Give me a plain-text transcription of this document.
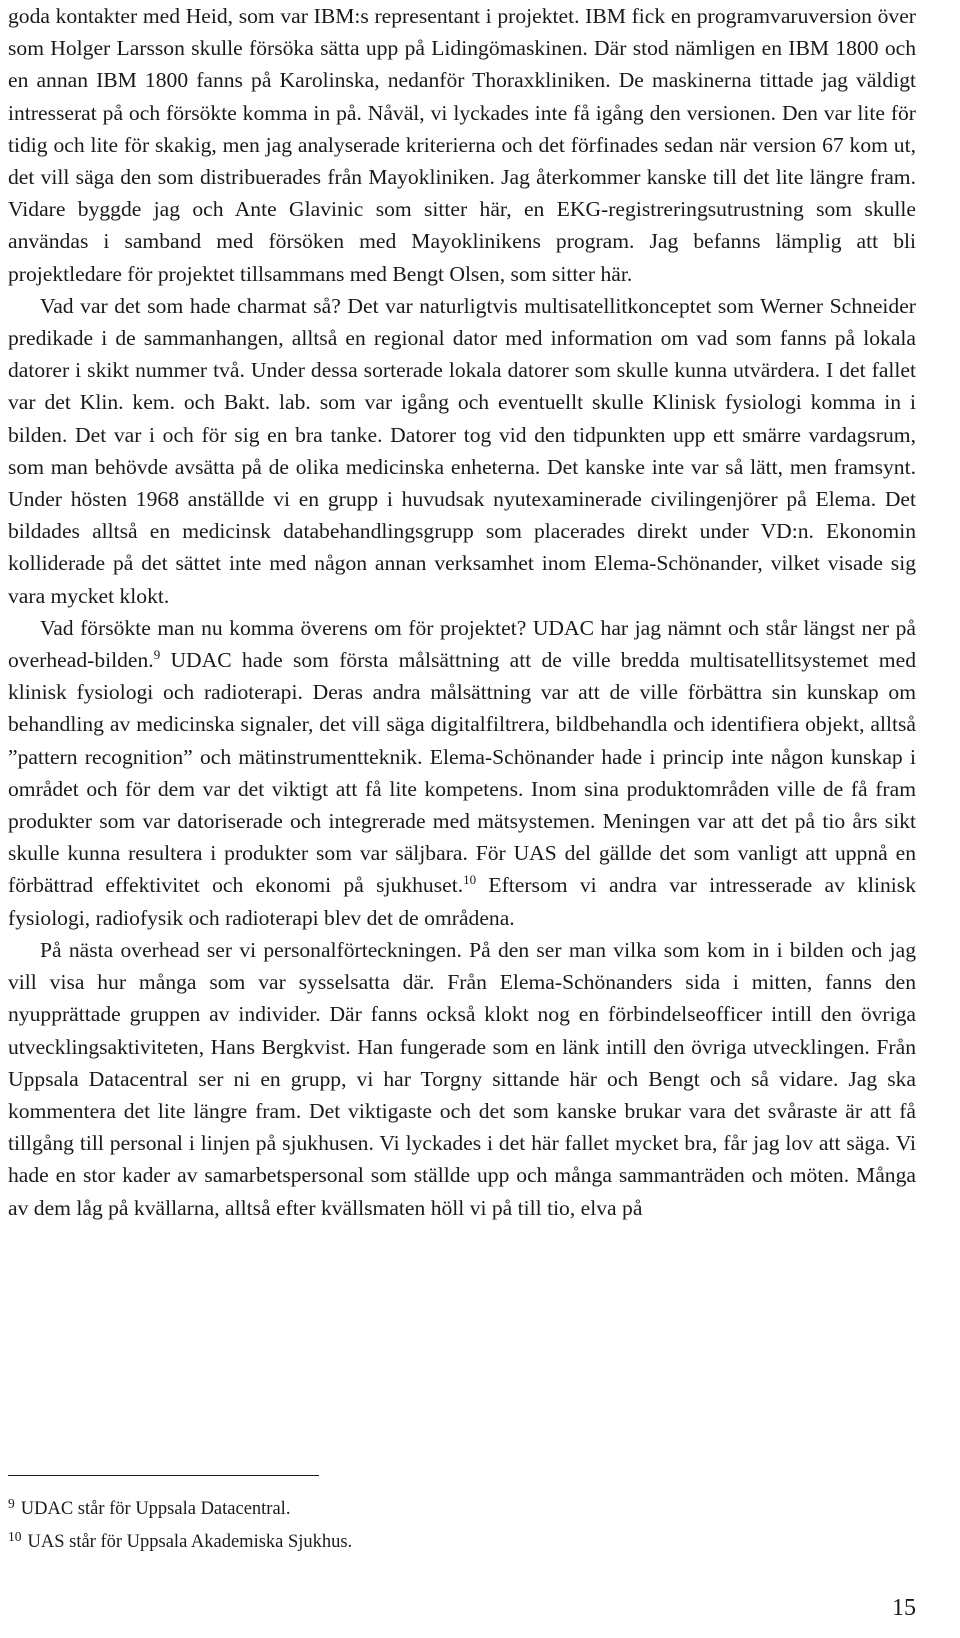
goda kontakter med Heid, som var IBM:s representant i projektet. IBM fick en programvaruversion över som Holger Larsson skulle försöka sätta upp på Lidingömaskinen. Där stod nämligen en IBM 1800 och en annan IBM 1800 fanns på Karolinska, nedanför Thoraxkliniken. De maskinerna tittade jag väldigt intresserat på och försökte komma in på. Nåväl, vi lyckades inte få igång den versionen. Den var lite för tidig och lite för skakig, men jag analyserade kriterierna och det förfinades sedan när version 67 kom ut, det vill säga den som distribuerades från Mayokliniken. Jag återkommer kanske till det lite längre fram. Vidare byggde jag och Ante Glavinic som sitter här, en EKG-registreringsutrustning som skulle användas i samband med försöken med Mayoklinikens program. Jag befanns lämplig att bli projektledare för projektet tillsammans med Bengt Olsen, som sitter här.

Vad var det som hade charmat så? Det var naturligtvis multisatellitkonceptet som Werner Schneider predikade i de sammanhangen, alltså en regional dator med information om vad som fanns på lokala datorer i skikt nummer två. Under dessa sorterade lokala datorer som skulle kunna utvärdera. I det fallet var det Klin. kem. och Bakt. lab. som var igång och eventuellt skulle Klinisk fysiologi komma in i bilden. Det var i och för sig en bra tanke. Datorer tog vid den tidpunkten upp ett smärre vardagsrum, som man behövde avsätta på de olika medicinska enheterna. Det kanske inte var så lätt, men framsynt. Under hösten 1968 anställde vi en grupp i huvudsak nyutexaminerade civilingenjörer på Elema. Det bildades alltså en medicinsk databehandlingsgrupp som placerades direkt under VD:n. Ekonomin kolliderade på det sättet inte med någon annan verksamhet inom Elema-Schönander, vilket visade sig vara mycket klokt.

Vad försökte man nu komma överens om för projektet? UDAC har jag nämnt och står längst ner på overhead-bilden.$^9$ UDAC hade som första målsättning att de ville bredda multisatellitsystemet med klinisk fysiologi och radioterapi. Deras andra målsättning var att de ville förbättra sin kunskap om behandling av medicinska signaler, det vill säga digitalfiltrera, bildbehandla och identifiera objekt, alltså ”pattern recognition” och mätinstrumentteknik. Elema-Schönander hade i princip inte någon kunskap i området och för dem var det viktigt att få lite kompetens. Inom sina produktområden ville de få fram produkter som var datoriserade och integrerade med mätsystemen. Meningen var att det på tio års sikt skulle kunna resultera i produkter som var säljbara. För UAS del gällde det som vanligt att uppnå en förbättrad effektivitet och ekonomi på sjukhuset.$^{10}$ Eftersom vi andra var intresserade av klinisk fysiologi, radiofysik och radioterapi blev det de områdena.

På nästa overhead ser vi personalförteckningen. På den ser man vilka som kom in i bilden och jag vill visa hur många som var sysselsatta där. Från Elema-Schönanders sida i mitten, fanns den nyupprättade gruppen av individer. Där fanns också klokt nog en förbindelseofficer intill den övriga utvecklingsaktiviteten, Hans Bergkvist. Han fungerade som en länk intill den övriga utvecklingen. Från Uppsala Datacentral ser ni en grupp, vi har Torgny sittande här och Bengt och så vidare. Jag ska kommentera det lite längre fram. Det viktigaste och det som kanske brukar vara det svåraste är att få tillgång till personal i linjen på sjukhusen. Vi lyckades i det här fallet mycket bra, får jag lov att säga. Vi hade en stor kader av samarbetspersonal som ställde upp och många sammanträden och möten. Många av dem låg på kvällarna, alltså efter kvällsmaten höll vi på till tio, elva på

$^9$ UDAC står för Uppsala Datacentral.

$^{10}$ UAS står för Uppsala Akademiska Sjukhus.

15
